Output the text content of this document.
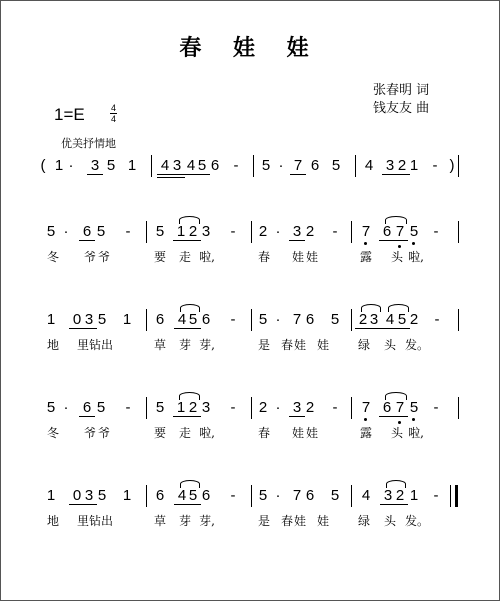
春 娃 娃
张春明 词
钱友友 曲
1=E	4
4
优美抒情地
( 1 ·	3 5 1 4 3 4 5 6 -	5 · 7 6 5 4 3 2 1 - )
5 · 6 5	-	5 1 2 3	-	2 · 3 2	-	7 6 7 5	-
冬 爷 爷	要 走 啦,	春 娃 娃	露 头 啦,
1 0 3 5 1 6 4 5 6	-	5 · 7 6 5 2 3 4 5 2	-
地 里 钻 出	草 芽 芽,	是 春 娃 娃 绿 头 发。
5 · 6 5	-	5 1 2 3	-	2 · 3 2	-	7 6 7 5	-
冬 爷 爷	要 走 啦,	春 娃 娃	露 头 啦,
1 0 3 5 1 6 4 5 6	-	5 · 7 6 5 4 3 2 1	-
地 里 钻 出	草 芽 芽,	是 春 娃 娃 绿 头 发。
